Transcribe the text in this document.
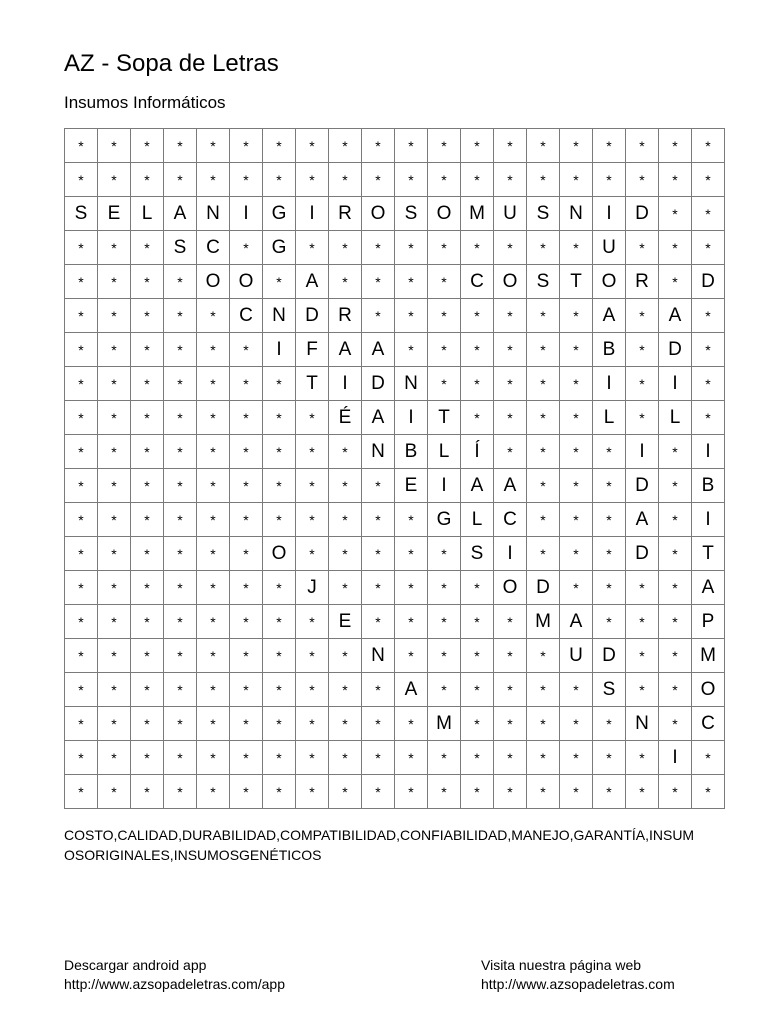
AZ - Sopa de Letras
Insumos Informáticos
*	*	*	*	*	*	*	*	*	*	*	*	*	*	*	*	*	*	*	*
*	*	*	*	*	*	*	*	*	*	*	*	*	*	*	*	*	*	*	*
S	E	L	A	N	I	G	I	R	O	S	O	M	U	S	N	I	D	*	*
*	*	*	S	C	*	G	*	*	*	*	*	*	*	*	*	U	*	*	*
*	*	*	*	O	O	*	A	*	*	*	*	C	O	S	T	O	R	*	D
*	*	*	*	*	C	N	D	R	*	*	*	*	*	*	*	A	*	A	*
*	*	*	*	*	*	I	F	A	A	*	*	*	*	*	*	B	*	D	*
*	*	*	*	*	*	*	T	I	D	N	*	*	*	*	*	I	*	I	*
*	*	*	*	*	*	*	*	É	A	I	T	*	*	*	*	L	*	L	*
*	*	*	*	*	*	*	*	*	N	B	L	Í	*	*	*	*	I	*	I
*	*	*	*	*	*	*	*	*	*	E	I	A	A	*	*	*	D	*	B
*	*	*	*	*	*	*	*	*	*	*	G	L	C	*	*	*	A	*	I
*	*	*	*	*	*	O	*	*	*	*	*	S	I	*	*	*	D	*	T
*	*	*	*	*	*	*	J	*	*	*	*	*	O	D	*	*	*	*	A
*	*	*	*	*	*	*	*	E	*	*	*	*	*	M	A	*	*	*	P
*	*	*	*	*	*	*	*	*	N	*	*	*	*	*	U	D	*	*	M
*	*	*	*	*	*	*	*	*	*	A	*	*	*	*	*	S	*	*	O
*	*	*	*	*	*	*	*	*	*	*	M	*	*	*	*	*	N	*	C
*	*	*	*	*	*	*	*	*	*	*	*	*	*	*	*	*	*	I	*
*	*	*	*	*	*	*	*	*	*	*	*	*	*	*	*	*	*	*	*
COSTO,CALIDAD,DURABILIDAD,COMPATIBILIDAD,CONFIABILIDAD,MANEJO,GARANTÍA,INSUMOSORIGINALES,INSUMOSGENÉTICOS
Descargar android app
http://www.azsopadeletras.com/app
Visita nuestra página web
http://www.azsopadeletras.com
